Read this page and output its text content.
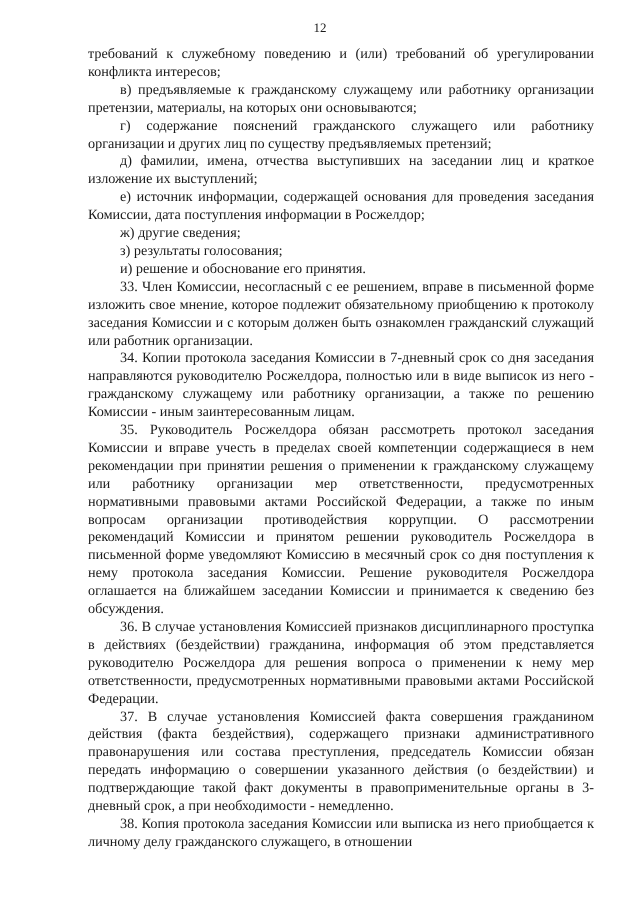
12

требований к служебному поведению и (или) требований об урегулировании конфликта интересов;

в) предъявляемые к гражданскому служащему или работнику организации претензии, материалы, на которых они основываются;

г) содержание пояснений гражданского служащего или работнику организации и других лиц по существу предъявляемых претензий;

д) фамилии, имена, отчества выступивших на заседании лиц и краткое изложение их выступлений;

е) источник информации, содержащей основания для проведения заседания Комиссии, дата поступления информации в Росжелдор;

ж) другие сведения;

з) результаты голосования;

и) решение и обоснование его принятия.

33. Член Комиссии, несогласный с ее решением, вправе в письменной форме изложить свое мнение, которое подлежит обязательному приобщению к протоколу заседания Комиссии и с которым должен быть ознакомлен гражданский служащий или работник организации.

34. Копии протокола заседания Комиссии в 7-дневный срок со дня заседания направляются руководителю Росжелдора, полностью или в виде выписок из него - гражданскому служащему или работнику организации, а также по решению Комиссии - иным заинтересованным лицам.

35. Руководитель Росжелдора обязан рассмотреть протокол заседания Комиссии и вправе учесть в пределах своей компетенции содержащиеся в нем рекомендации при принятии решения о применении к гражданскому служащему или работнику организации мер ответственности, предусмотренных нормативными правовыми актами Российской Федерации, а также по иным вопросам организации противодействия коррупции. О рассмотрении рекомендаций Комиссии и принятом решении руководитель Росжелдора в письменной форме уведомляют Комиссию в месячный срок со дня поступления к нему протокола заседания Комиссии. Решение руководителя Росжелдора оглашается на ближайшем заседании Комиссии и принимается к сведению без обсуждения.

36. В случае установления Комиссией признаков дисциплинарного проступка в действиях (бездействии) гражданина, информация об этом представляется руководителю Росжелдора для решения вопроса о применении к нему мер ответственности, предусмотренных нормативными правовыми актами Российской Федерации.

37. В случае установления Комиссией факта совершения гражданином действия (факта бездействия), содержащего признаки административного правонарушения или состава преступления, председатель Комиссии обязан передать информацию о совершении указанного действия (о бездействии) и подтверждающие такой факт документы в правоприменительные органы в 3-дневный срок, а при необходимости - немедленно.

38. Копия протокола заседания Комиссии или выписка из него приобщается к личному делу гражданского служащего, в отношении
